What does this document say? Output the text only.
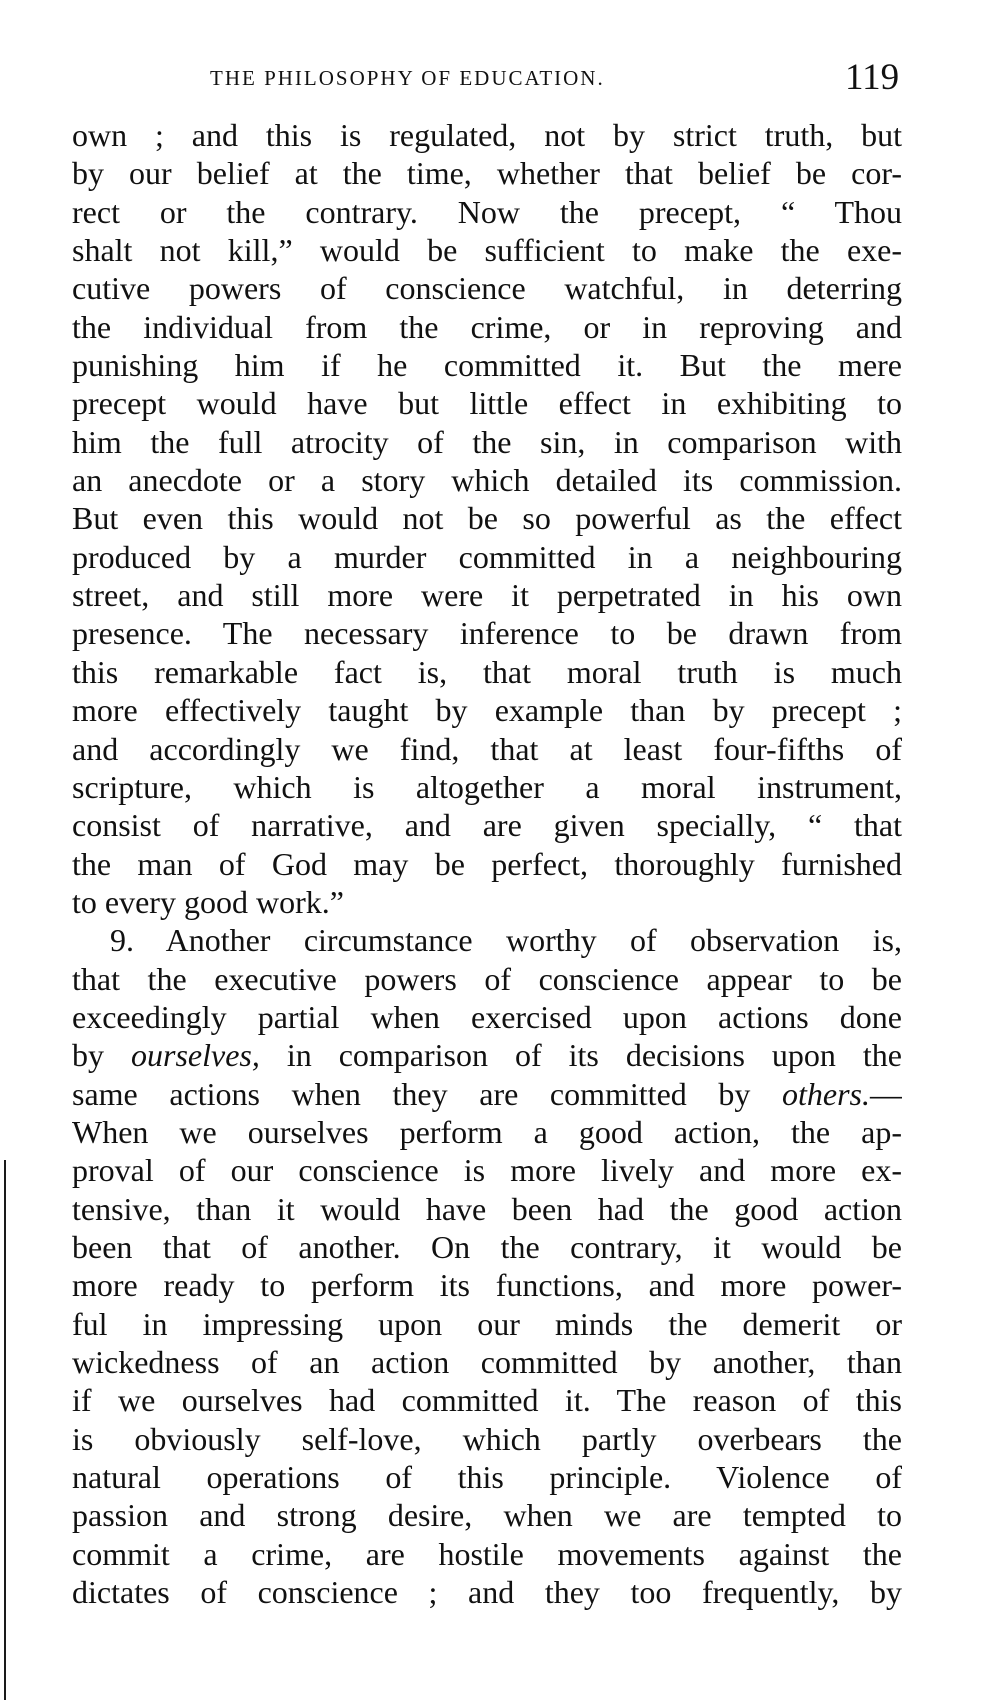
THE PHILOSOPHY OF EDUCATION.	119
own ; and this is regulated, not by strict truth, but
by our belief at the time, whether that belief be cor-
rect or the contrary. Now the precept, “ Thou
shalt not kill,” would be sufficient to make the exe-
cutive powers of conscience watchful, in deterring
the individual from the crime, or in reproving and
punishing him if he committed it. But the mere
precept would have but little effect in exhibiting to
him the full atrocity of the sin, in comparison with
an anecdote or a story which detailed its commission.
But even this would not be so powerful as the effect
produced by a murder committed in a neighbouring
street, and still more were it perpetrated in his own
presence. The necessary inference to be drawn from
this remarkable fact is, that moral truth is much
more effectively taught by example than by precept ;
and accordingly we find, that at least four-fifths of
scripture, which is altogether a moral instrument,
consist of narrative, and are given specially, “ that
the man of God may be perfect, thoroughly furnished
to every good work.”
9. Another circumstance worthy of observation is,
that the executive powers of conscience appear to be
exceedingly partial when exercised upon actions done
by ourselves, in comparison of its decisions upon the
same actions when they are committed by others.—
When we ourselves perform a good action, the ap-
proval of our conscience is more lively and more ex-
tensive, than it would have been had the good action
been that of another. On the contrary, it would be
more ready to perform its functions, and more power-
ful in impressing upon our minds the demerit or
wickedness of an action committed by another, than
if we ourselves had committed it. The reason of this
is obviously self-love, which partly overbears the
natural operations of this principle. Violence of
passion and strong desire, when we are tempted to
commit a crime, are hostile movements against the
dictates of conscience ; and they too frequently, by
